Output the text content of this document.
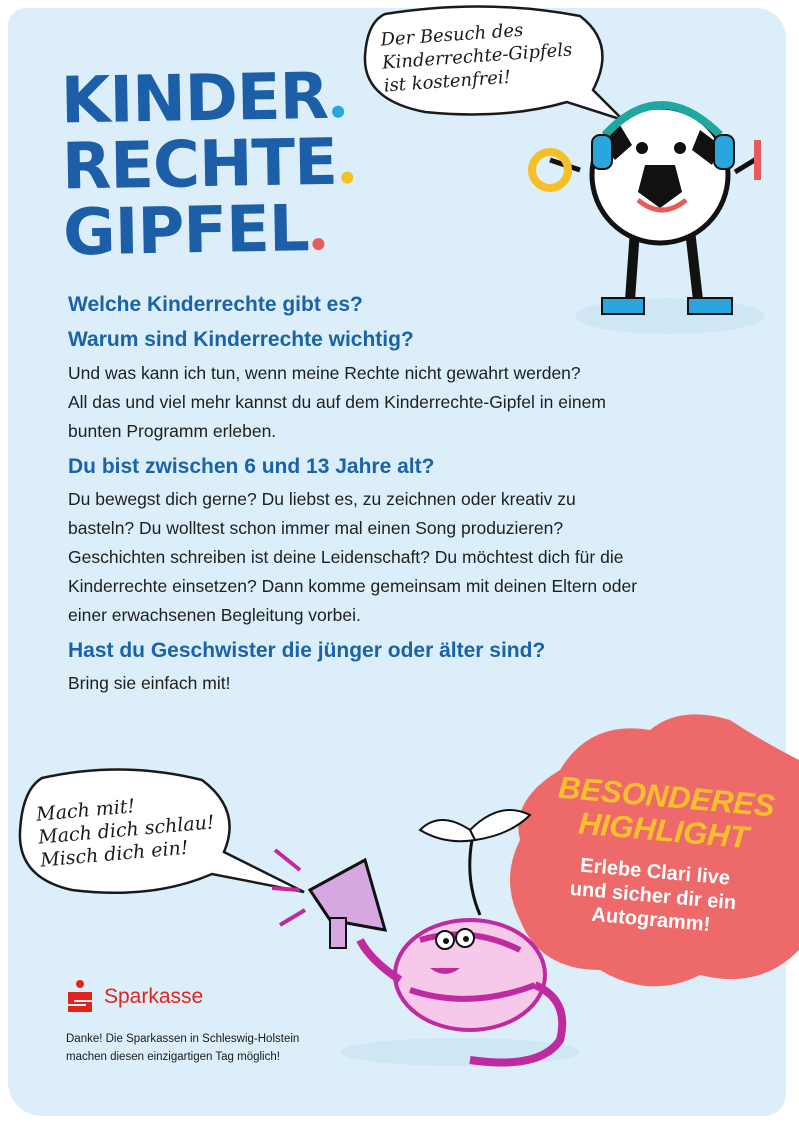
KINDER
RECHTE
GIPFEL
Der Besuch des
Kinderrechte-Gipfels
ist kostenfrei!
Welche Kinderrechte gibt es?
Warum sind Kinderrechte wichtig?

Und was kann ich tun, wenn meine Rechte nicht gewahrt werden?
All das und viel mehr kannst du auf dem Kinderrechte-Gipfel in einem
bunten Programm erleben.

Du bist zwischen 6 und 13 Jahre alt?

Du bewegst dich gerne? Du liebst es, zu zeichnen oder kreativ zu
basteln? Du wolltest schon immer mal einen Song produzieren?
Geschichten schreiben ist deine Leidenschaft? Du möchtest dich für die
Kinderrechte einsetzen? Dann komme gemeinsam mit deinen Eltern oder
einer erwachsenen Begleitung vorbei.

Hast du Geschwister die jünger oder älter sind?

Bring sie einfach mit!

BESONDERES
HIGHLIGHT
Erlebe Clari live
und sicher dir ein
Autogramm!
Mach mit!
Mach dich schlau!
Misch dich ein!
Sparkasse
Danke! Die Sparkassen in Schleswig-Holstein
machen diesen einzigartigen Tag möglich!
